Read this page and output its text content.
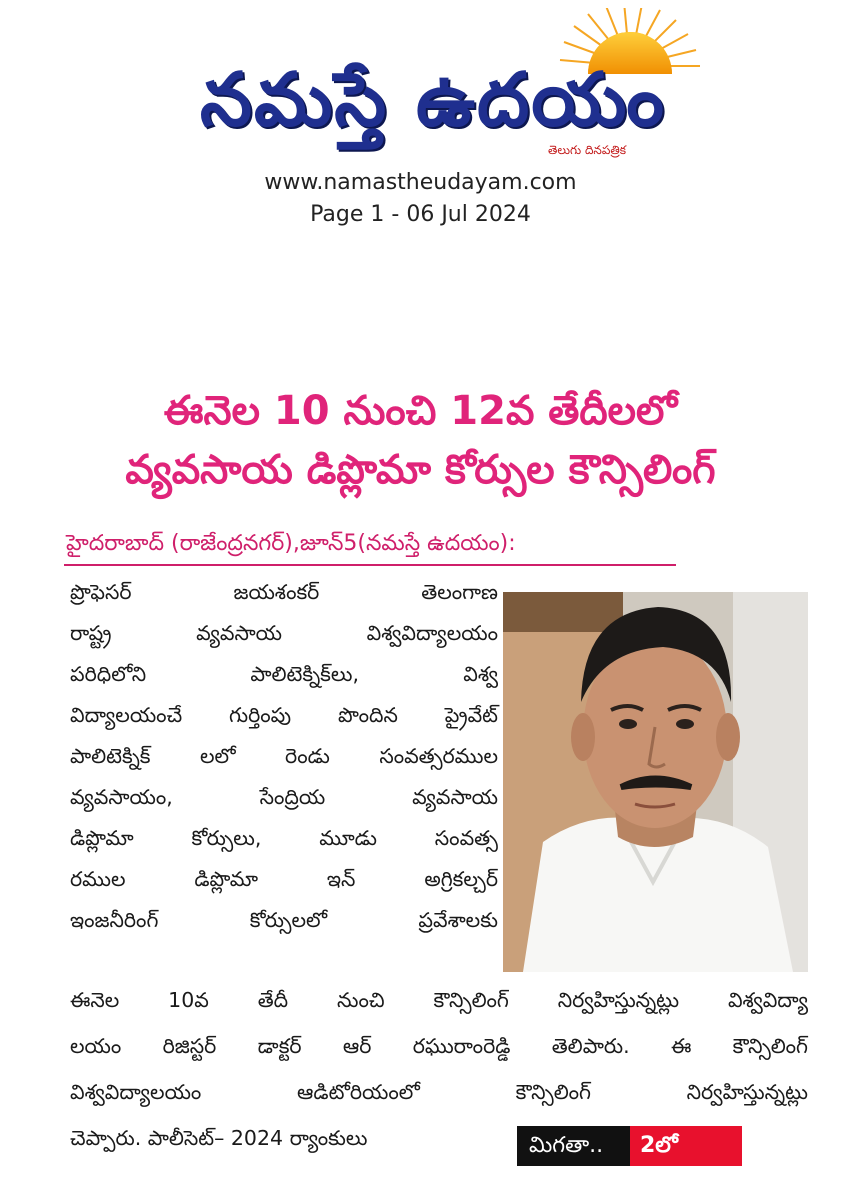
నమస్తే ఉదయం
తెలుగు దినపత్రిక
www.namastheudayam.com
Page 1 - 06 Jul 2024
ఈనెల 10 నుంచి 12వ తేదీలలో
వ్యవసాయ డిప్లొమా కోర్సుల కౌన్సిలింగ్
హైదరాబాద్ (రాజేంద్రనగర్),జూన్5(నమస్తే ఉదయం):
ప్రొఫెసర్ జయశంకర్ తెలంగాణ
రాష్ట్ర వ్యవసాయ విశ్వవిద్యాలయం
పరిధిలోని పాలిటెక్నిక్‌లు, విశ్వ
విద్యాలయంచే గుర్తింపు పొందిన ప్రైవేట్
పాలిటెక్నిక్ లలో రెండు సంవత్సరముల
వ్యవసాయం, సేంద్రియ వ్యవసాయ
డిప్లొమా కోర్సులు, మూడు సంవత్స
రముల డిప్లొమా ఇన్ అగ్రికల్చర్
ఇంజనీరింగ్ కోర్సులలో ప్రవేశాలకు
ఈనెల 10వ తేదీ నుంచి కౌన్సిలింగ్ నిర్వహిస్తున్నట్లు విశ్వవిద్యా
లయం రిజిస్టర్ డాక్టర్ ఆర్ రఘురాంరెడ్డి తెలిపారు. ఈ కౌన్సిలింగ్
విశ్వవిద్యాలయం ఆడిటోరియంలో కౌన్సిలింగ్ నిర్వహిస్తున్నట్లు
చెప్పారు. పాలీసెట్– 2024 ర్యాంకులు	మిగతా..	2లో
